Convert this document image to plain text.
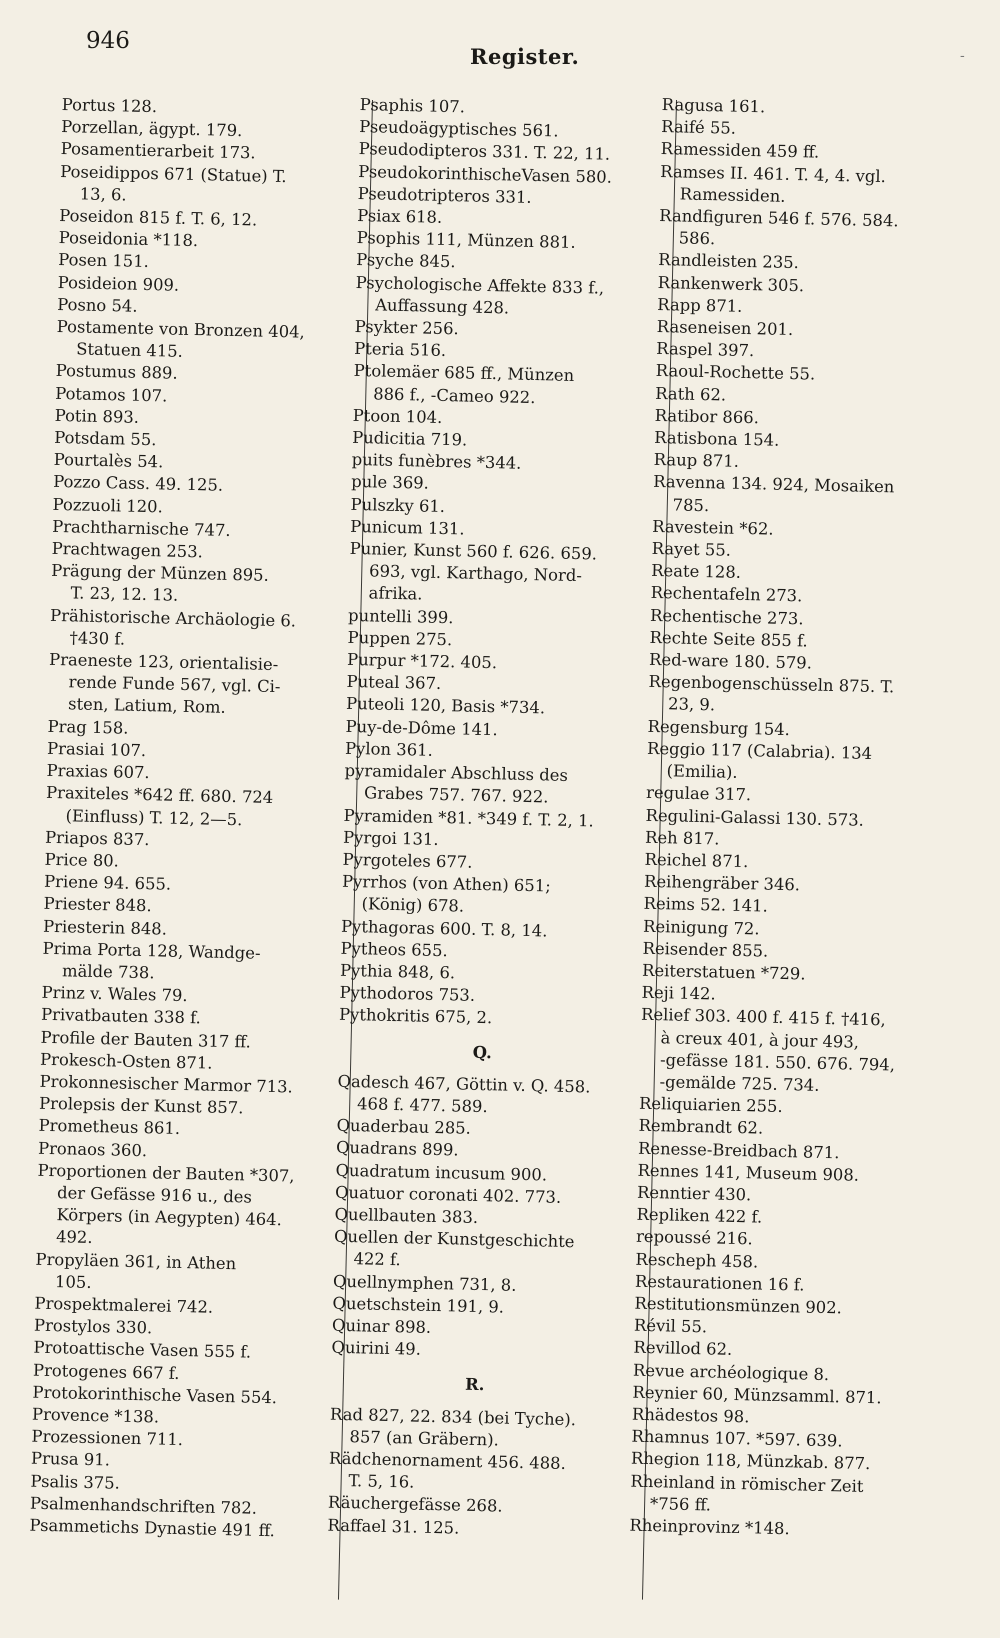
946
Register.	-

Portus 128.

Porzellan, ägypt. 179.

Posamentierarbeit 173.

Poseidippos 671 (Statue) T.
13, 6.

Poseidon 815 f. T. 6, 12.

Poseidonia *118.

Posen 151.

Posideion 909.

Posno 54.

Postamente von Bronzen 404,
Statuen 415.

Postumus 889.

Potamos 107.

Potin 893.

Potsdam 55.

Pourtalès 54.

Pozzo Cass. 49. 125.

Pozzuoli 120.

Prachtharnische 747.

Prachtwagen 253.

Prägung der Münzen 895.
T. 23, 12. 13.

Prähistorische Archäologie 6.
†430 f.

Praeneste 123, orientalisie-
rende Funde 567, vgl. Ci-
sten, Latium, Rom.

Prag 158.

Prasiai 107.

Praxias 607.

Praxiteles *642 ff. 680. 724
(Einfluss) T. 12, 2—5.

Priapos 837.

Price 80.

Priene 94. 655.

Priester 848.

Priesterin 848.

Prima Porta 128, Wandge-
mälde 738.

Prinz v. Wales 79.

Privatbauten 338 f.

Profile der Bauten 317 ff.

Prokesch-Osten 871.

Prokonnesischer Marmor 713.

Prolepsis der Kunst 857.

Prometheus 861.

Pronaos 360.

Proportionen der Bauten *307,
der Gefässe 916 u., des
Körpers (in Aegypten) 464.
492.

Propyläen 361, in Athen
105.

Prospektmalerei 742.

Prostylos 330.

Protoattische Vasen 555 f.

Protogenes 667 f.

Protokorinthische Vasen 554.

Provence *138.

Prozessionen 711.

Prusa 91.

Psalis 375.

Psalmenhandschriften 782.

Psammetichs Dynastie 491 ff.

Psaphis 107.

Pseudoägyptisches 561.

Pseudodipteros 331. T. 22, 11.

PseudokorinthischeVasen 580.

Pseudotripteros 331.

Psiax 618.

Psophis 111, Münzen 881.

Psyche 845.

Psychologische Affekte 833 f.,
Auffassung 428.

Psykter 256.

Pteria 516.

Ptolemäer 685 ff., Münzen
886 f., -Cameo 922.

Ptoon 104.

Pudicitia 719.

puits funèbres *344.

pule 369.

Pulszky 61.

Punicum 131.

Punier, Kunst 560 f. 626. 659.
693, vgl. Karthago, Nord-
afrika.

puntelli 399.

Puppen 275.

Purpur *172. 405.

Puteal 367.

Puteoli 120, Basis *734.

Puy-de-Dôme 141.

Pylon 361.

pyramidaler Abschluss des
Grabes 757. 767. 922.

Pyramiden *81. *349 f. T. 2, 1.

Pyrgoi 131.

Pyrgoteles 677.

Pyrrhos (von Athen) 651;
(König) 678.

Pythagoras 600. T. 8, 14.

Pytheos 655.

Pythia 848, 6.

Pythodoros 753.

Pythokritis 675, 2.

Q.

Qadesch 467, Göttin v. Q. 458.
468 f. 477. 589.

Quaderbau 285.

Quadrans 899.

Quadratum incusum 900.

Quatuor coronati 402. 773.

Quellbauten 383.

Quellen der Kunstgeschichte
422 f.

Quellnymphen 731, 8.

Quetschstein 191, 9.

Quinar 898.

Quirini 49.

R.

Rad 827, 22. 834 (bei Tyche).
857 (an Gräbern).

Rädchenornament 456. 488.
T. 5, 16.

Räuchergefässe 268.

Raffael 31. 125.

Ragusa 161.

Raifé 55.

Ramessiden 459 ff.

Ramses II. 461. T. 4, 4. vgl.
Ramessiden.

Randfiguren 546 f. 576. 584.
586.

Randleisten 235.

Rankenwerk 305.

Rapp 871.

Raseneisen 201.

Raspel 397.

Raoul-Rochette 55.

Rath 62.

Ratibor 866.

Ratisbona 154.

Raup 871.

Ravenna 134. 924, Mosaiken
785.

Ravestein *62.

Rayet 55.

Reate 128.

Rechentafeln 273.

Rechentische 273.

Rechte Seite 855 f.

Red-ware 180. 579.

Regenbogenschüsseln 875. T.
23, 9.

Regensburg 154.

Reggio 117 (Calabria). 134
(Emilia).

regulae 317.

Regulini-Galassi 130. 573.

Reh 817.

Reichel 871.

Reihengräber 346.

Reims 52. 141.

Reinigung 72.

Reisender 855.

Reiterstatuen *729.

Reji 142.

Relief 303. 400 f. 415 f. †416,
à creux 401, à jour 493,
-gefässe 181. 550. 676. 794,
-gemälde 725. 734.

Reliquiarien 255.

Rembrandt 62.

Renesse-Breidbach 871.

Rennes 141, Museum 908.

Renntier 430.

Repliken 422 f.

repoussé 216.

Rescheph 458.

Restaurationen 16 f.

Restitutionsmünzen 902.

Révil 55.

Revillod 62.

Revue archéologique 8.

Reynier 60, Münzsamml. 871.

Rhädestos 98.

Rhamnus 107. *597. 639.

Rhegion 118, Münzkab. 877.

Rheinland in römischer Zeit
*756 ff.

Rheinprovinz *148.
